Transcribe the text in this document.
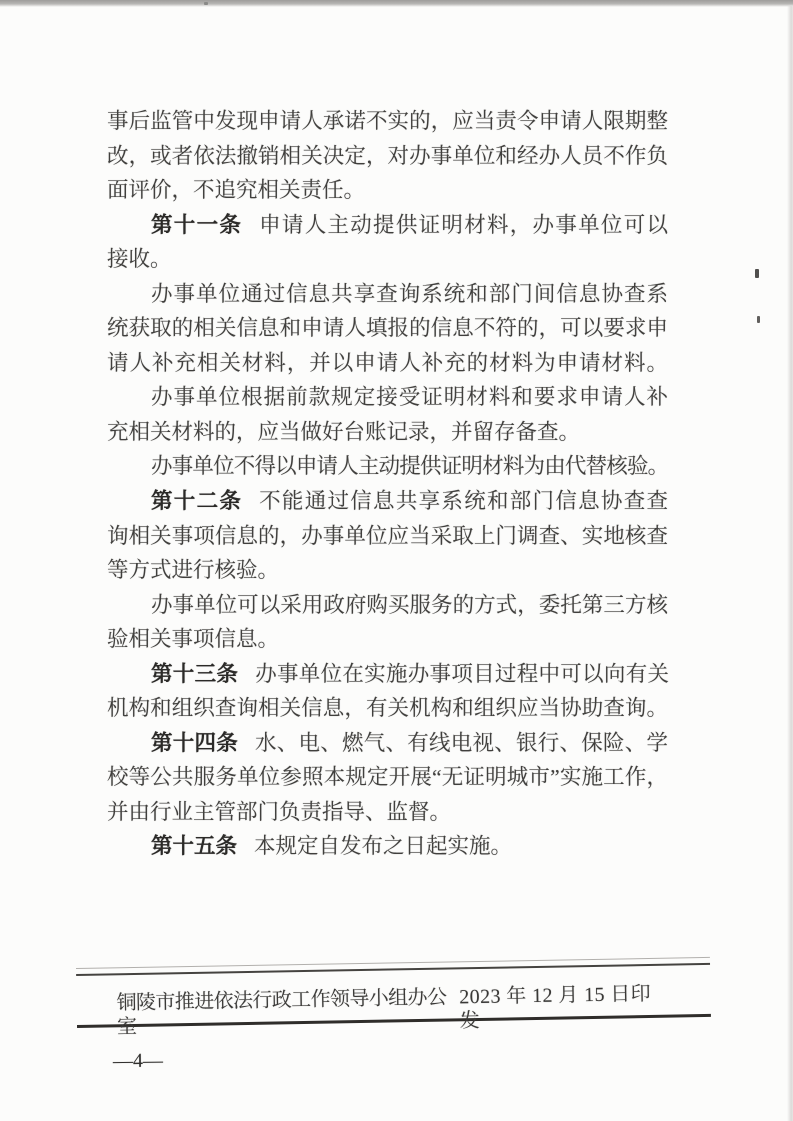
事后监管中发现申请人承诺不实的，应当责令申请人限期整
改，或者依法撤销相关决定，对办事单位和经办人员不作负
面评价，不追究相关责任。
第十一条 申请人主动提供证明材料，办事单位可以
接收。
办事单位通过信息共享查询系统和部门间信息协查系
统获取的相关信息和申请人填报的信息不符的，可以要求申
请人补充相关材料，并以申请人补充的材料为申请材料。
办事单位根据前款规定接受证明材料和要求申请人补
充相关材料的，应当做好台账记录，并留存备查。
办事单位不得以申请人主动提供证明材料为由代替核验。
第十二条 不能通过信息共享系统和部门信息协查查
询相关事项信息的，办事单位应当采取上门调查、实地核查
等方式进行核验。
办事单位可以采用政府购买服务的方式，委托第三方核
验相关事项信息。
第十三条 办事单位在实施办事项目过程中可以向有关
机构和组织查询相关信息，有关机构和组织应当协助查询。
第十四条 水、电、燃气、有线电视、银行、保险、学
校等公共服务单位参照本规定开展“无证明城市”实施工作，
并由行业主管部门负责指导、监督。
第十五条 本规定自发布之日起实施。
铜陵市推进依法行政工作领导小组办公室
2023 年 12 月 15 日印发
—4—
